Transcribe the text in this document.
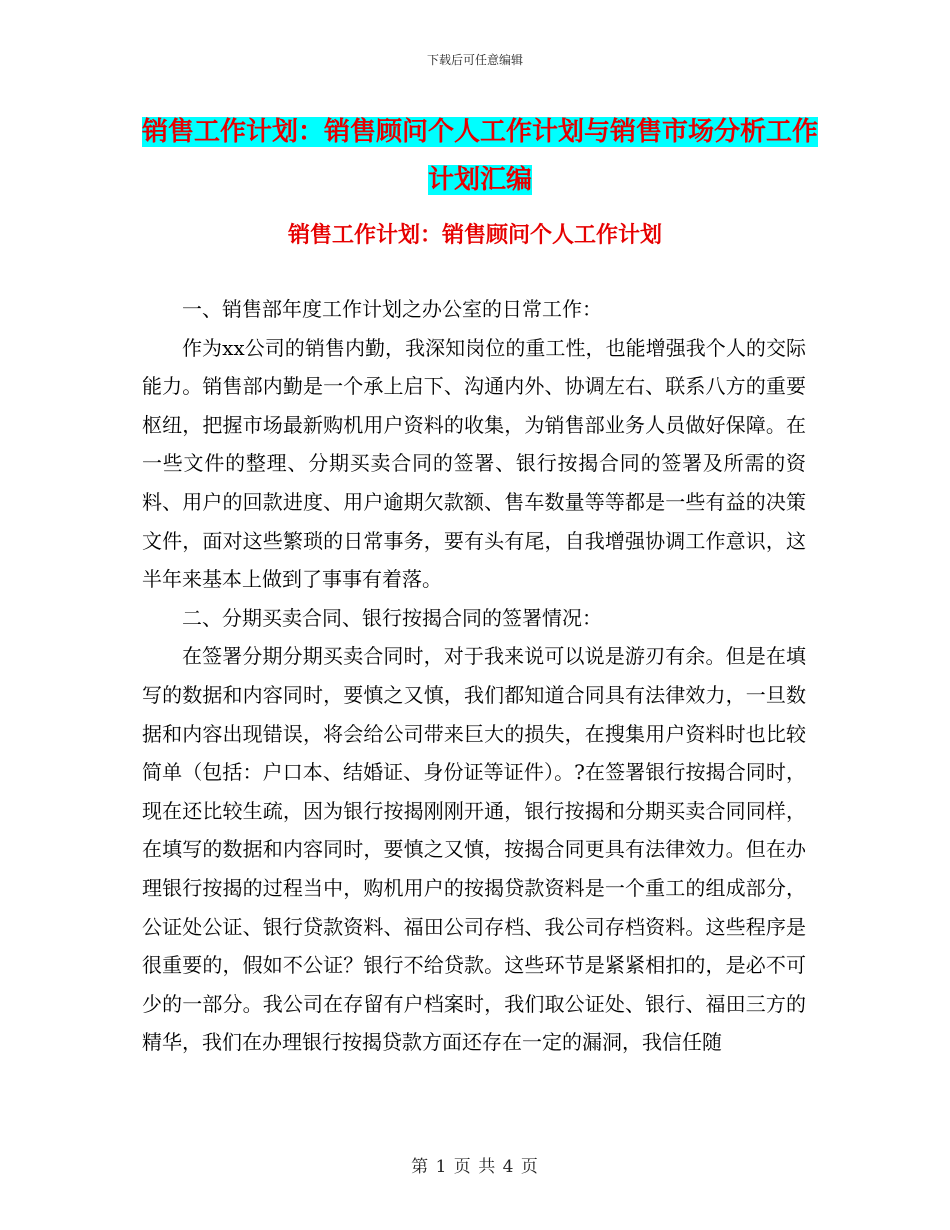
下载后可任意编辑
销售工作计划：销售顾问个人工作计划与销售市场分析工作计划汇编
销售工作计划：销售顾问个人工作计划

一、销售部年度工作计划之办公室的日常工作：

作为xx公司的销售内勤，我深知岗位的重工性，也能增强我个人的交际能力。销售部内勤是一个承上启下、沟通内外、协调左右、联系八方的重要枢纽，把握市场最新购机用户资料的收集，为销售部业务人员做好保障。在一些文件的整理、分期买卖合同的签署、银行按揭合同的签署及所需的资料、用户的回款进度、用户逾期欠款额、售车数量等等都是一些有益的决策文件，面对这些繁琐的日常事务，要有头有尾，自我增强协调工作意识，这半年来基本上做到了事事有着落。

二、分期买卖合同、银行按揭合同的签署情况：

在签署分期分期买卖合同时，对于我来说可以说是游刃有余。但是在填写的数据和内容同时，要慎之又慎，我们都知道合同具有法律效力，一旦数据和内容出现错误，将会给公司带来巨大的损失，在搜集用户资料时也比较简单（包括：户口本、结婚证、身份证等证件）。?在签署银行按揭合同时，现在还比较生疏，因为银行按揭刚刚开通，银行按揭和分期买卖合同同样，在填写的数据和内容同时，要慎之又慎，按揭合同更具有法律效力。但在办理银行按揭的过程当中，购机用户的按揭贷款资料是一个重工的组成部分，公证处公证、银行贷款资料、福田公司存档、我公司存档资料。这些程序是很重要的，假如不公证？银行不给贷款。这些环节是紧紧相扣的，是必不可少的一部分。我公司在存留有户档案时，我们取公证处、银行、福田三方的精华，我们在办理银行按揭贷款方面还存在一定的漏洞，我信任随

第 1 页 共 4 页
